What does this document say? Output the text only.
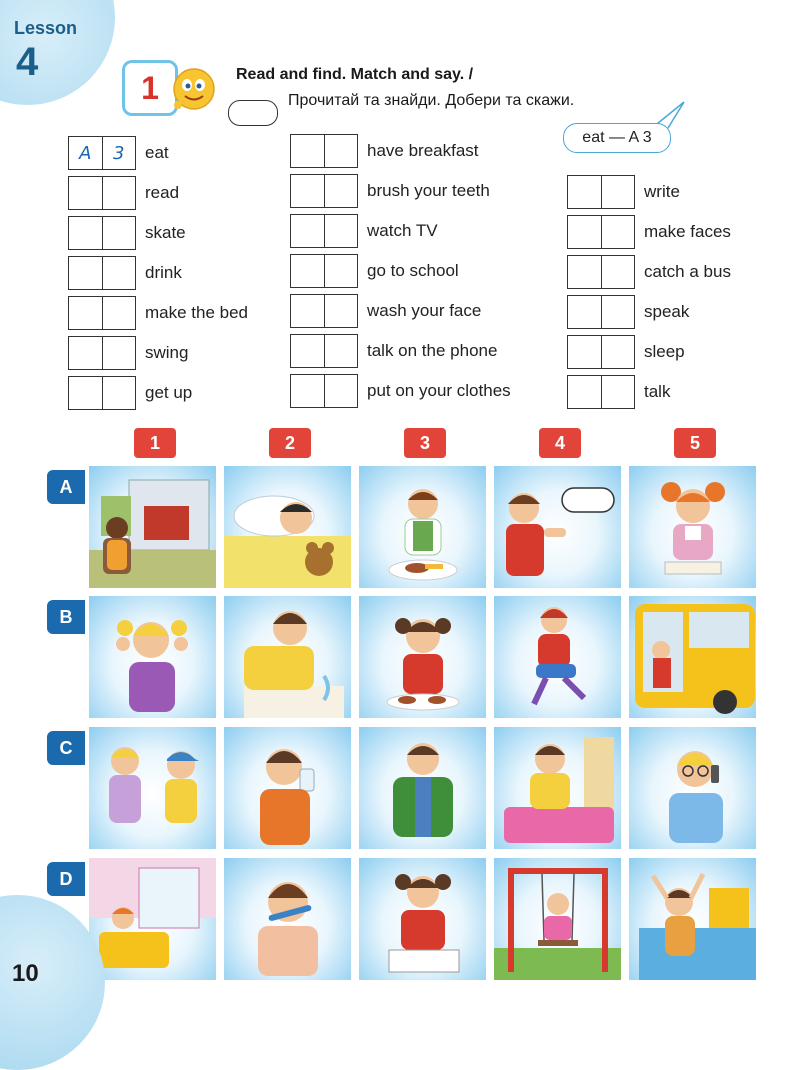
Lesson
4
1	Read and find. Match and say. /
Прочитай та знайди. Добери та скажи.
eat — A 3
A	3	eat
read
skate
drink
make the bed
swing
get up
have breakfast
brush your teeth
watch TV
go to school
wash your face
talk on the phone
put on your clothes
write
make faces
catch a bus
speak
sleep
talk
1	2	3	4	5
A
B
C
D
10
